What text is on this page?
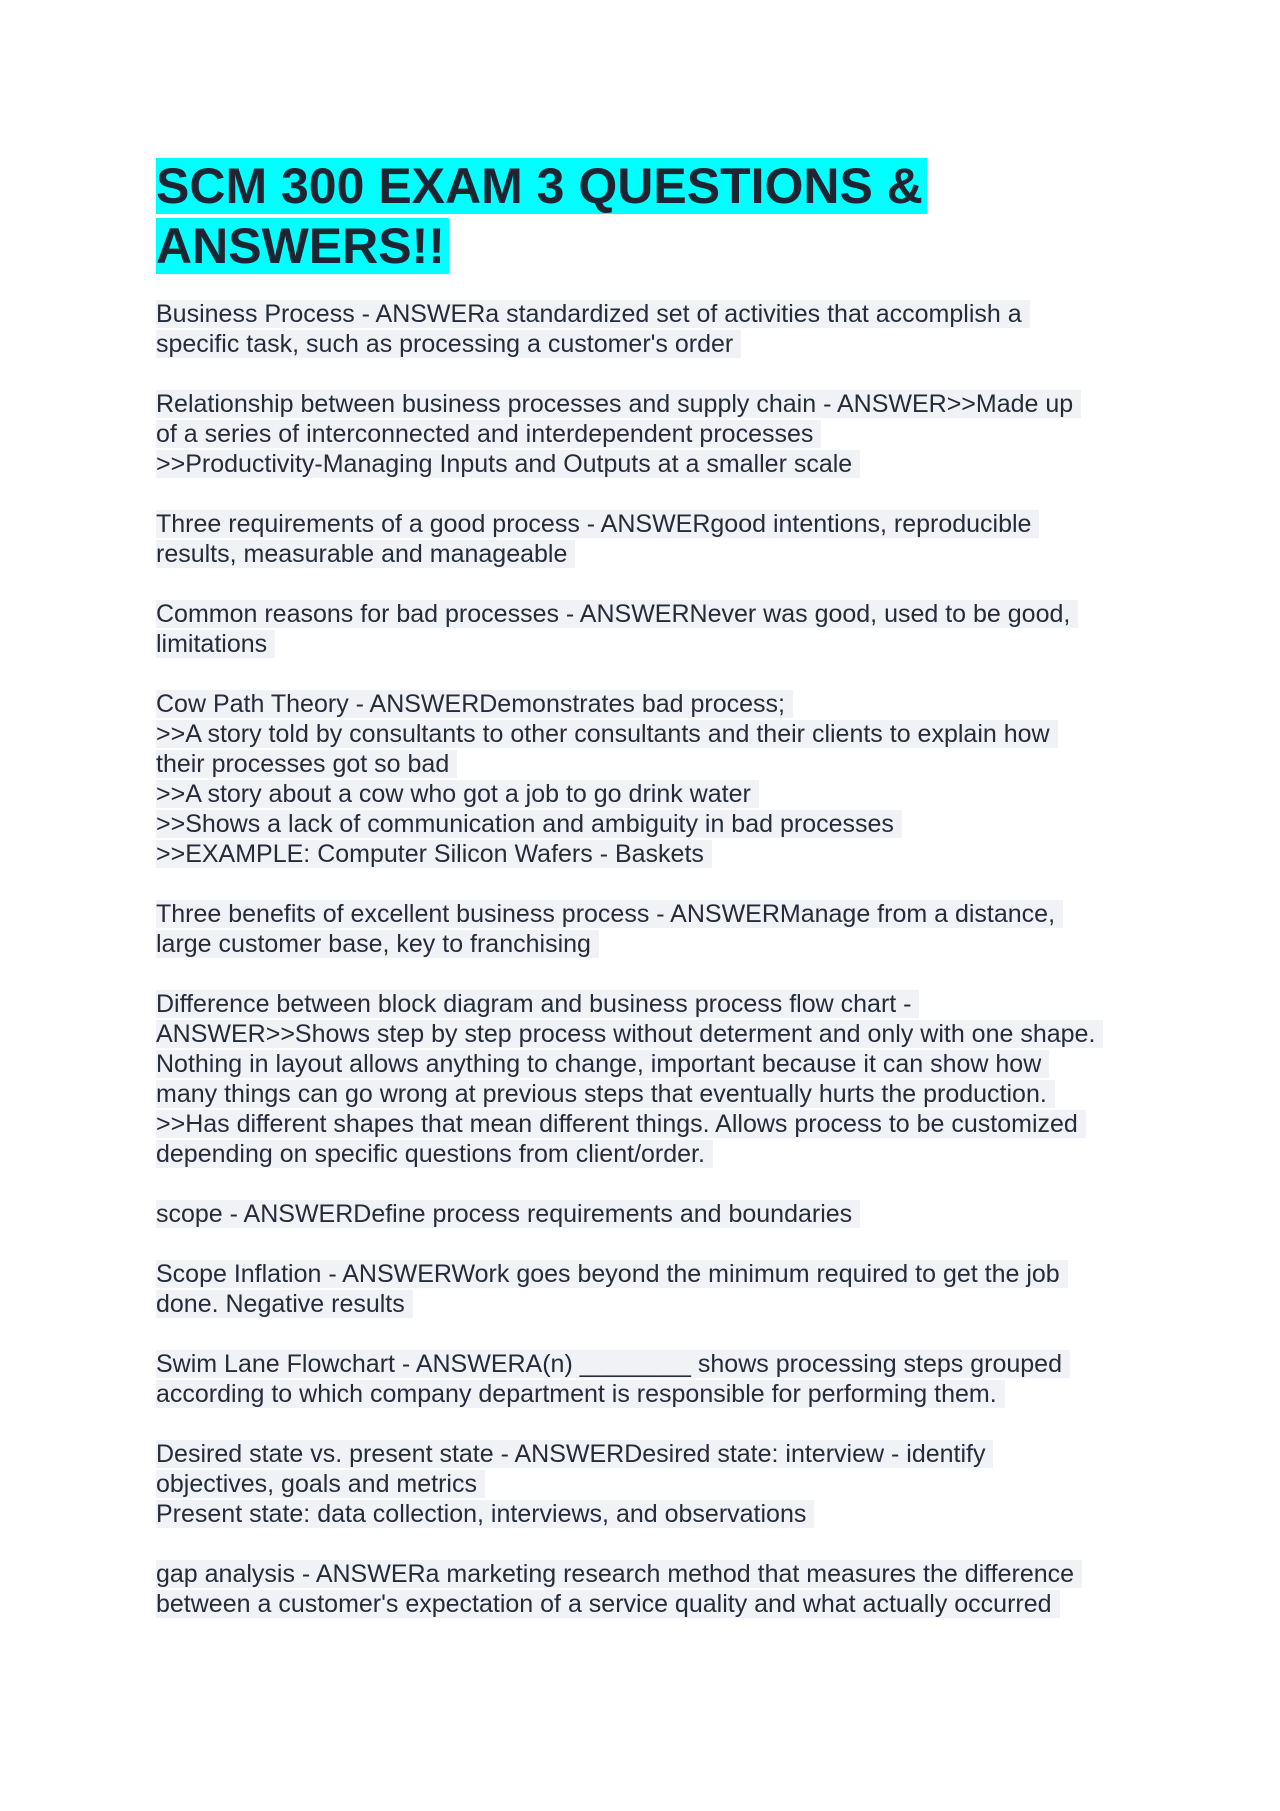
SCM 300 EXAM 3 QUESTIONS &
ANSWERS!!
Business Process - ANSWERa standardized set of activities that accomplish a
specific task, such as processing a customer's order
Relationship between business processes and supply chain - ANSWER>>Made up
of a series of interconnected and interdependent processes
>>Productivity-Managing Inputs and Outputs at a smaller scale
Three requirements of a good process - ANSWERgood intentions, reproducible
results, measurable and manageable
Common reasons for bad processes - ANSWERNever was good, used to be good,
limitations
Cow Path Theory - ANSWERDemonstrates bad process;
>>A story told by consultants to other consultants and their clients to explain how
their processes got so bad
>>A story about a cow who got a job to go drink water
>>Shows a lack of communication and ambiguity in bad processes
>>EXAMPLE: Computer Silicon Wafers - Baskets
Three benefits of excellent business process - ANSWERManage from a distance,
large customer base, key to franchising
Difference between block diagram and business process flow chart -
ANSWER>>Shows step by step process without determent and only with one shape.
Nothing in layout allows anything to change, important because it can show how
many things can go wrong at previous steps that eventually hurts the production.
>>Has different shapes that mean different things. Allows process to be customized
depending on specific questions from client/order.
scope - ANSWERDefine process requirements and boundaries
Scope Inflation - ANSWERWork goes beyond the minimum required to get the job
done. Negative results
Swim Lane Flowchart - ANSWERA(n) ________ shows processing steps grouped
according to which company department is responsible for performing them.
Desired state vs. present state - ANSWERDesired state: interview - identify
objectives, goals and metrics
Present state: data collection, interviews, and observations
gap analysis - ANSWERa marketing research method that measures the difference
between a customer's expectation of a service quality and what actually occurred
